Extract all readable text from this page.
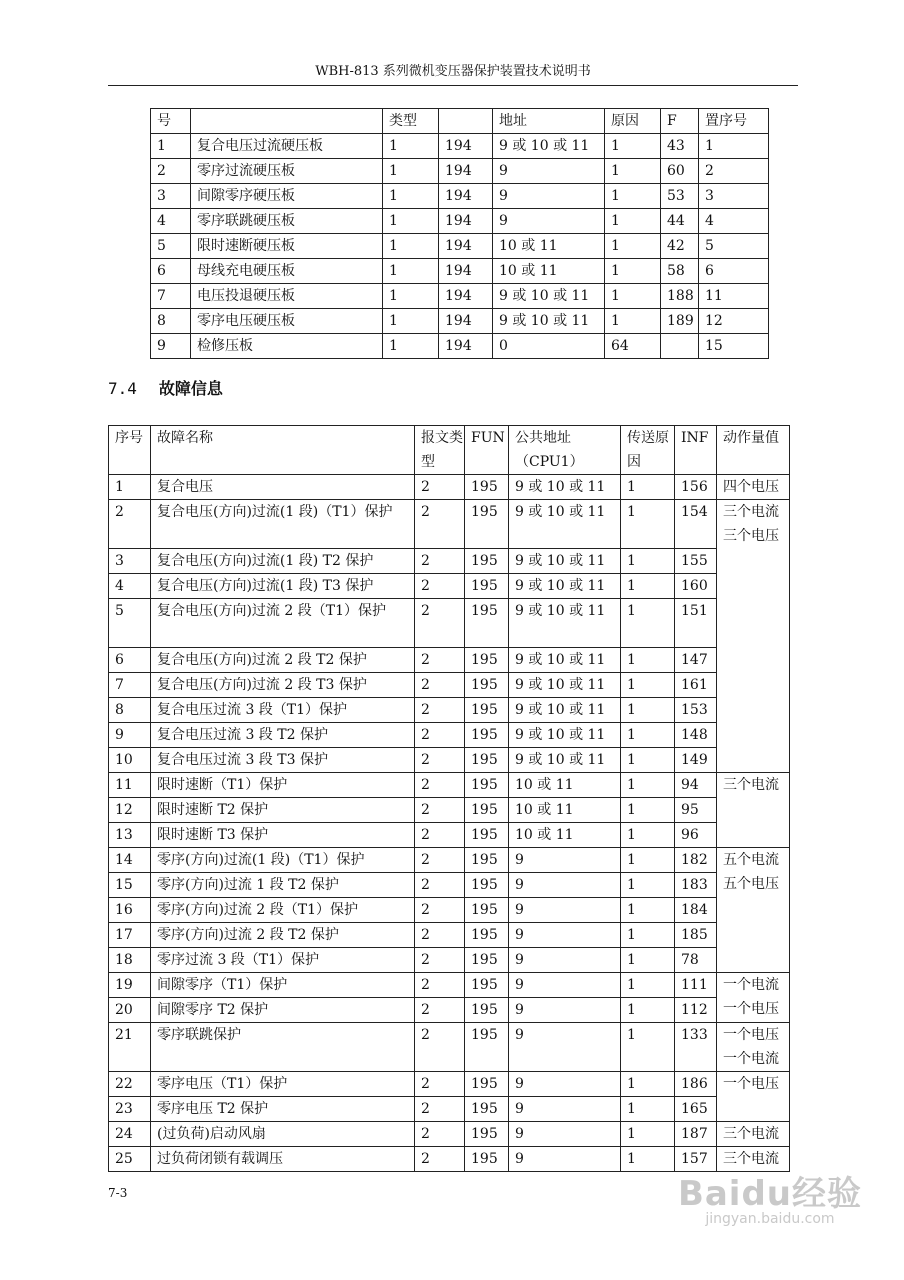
WBH-813 系列微机变压器保护装置技术说明书
号		类型		地址	原因	F	置序号
1	复合电压过流硬压板	1	194	9 或 10 或 11	1	43	1
2	零序过流硬压板	1	194	9	1	60	2
3	间隙零序硬压板	1	194	9	1	53	3
4	零序联跳硬压板	1	194	9	1	44	4
5	限时速断硬压板	1	194	10 或 11	1	42	5
6	母线充电硬压板	1	194	10 或 11	1	58	6
7	电压投退硬压板	1	194	9 或 10 或 11	1	188	11
8	零序电压硬压板	1	194	9 或 10 或 11	1	189	12
9	检修压板	1	194	0	64		15
7.4 故障信息
序号	故障名称	报文类型	FUN	公共地址（CPU1）	传送原因	INF	动作量值
1	复合电压	2	195	9 或 10 或 11	1	156	四个电压
2	复合电压(方向)过流(1 段)（T1）保护	2	195	9 或 10 或 11	1	154	三个电流
三个电压
3	复合电压(方向)过流(1 段) T2 保护	2	195	9 或 10 或 11	1	155	
4	复合电压(方向)过流(1 段) T3 保护	2	195	9 或 10 或 11	1	160	
5	复合电压(方向)过流 2 段（T1）保护	2	195	9 或 10 或 11	1	151	
6	复合电压(方向)过流 2 段 T2 保护	2	195	9 或 10 或 11	1	147	
7	复合电压(方向)过流 2 段 T3 保护	2	195	9 或 10 或 11	1	161	
8	复合电压过流 3 段（T1）保护	2	195	9 或 10 或 11	1	153	
9	复合电压过流 3 段 T2 保护	2	195	9 或 10 或 11	1	148	
10	复合电压过流 3 段 T3 保护	2	195	9 或 10 或 11	1	149	
11	限时速断（T1）保护	2	195	10 或 11	1	94	三个电流
12	限时速断 T2 保护	2	195	10 或 11	1	95	
13	限时速断 T3 保护	2	195	10 或 11	1	96	
14	零序(方向)过流(1 段)（T1）保护	2	195	9	1	182	五个电流
五个电压
15	零序(方向)过流 1 段 T2 保护	2	195	9	1	183	
16	零序(方向)过流 2 段（T1）保护	2	195	9	1	184	
17	零序(方向)过流 2 段 T2 保护	2	195	9	1	185	
18	零序过流 3 段（T1）保护	2	195	9	1	78	
19	间隙零序（T1）保护	2	195	9	1	111	一个电流
一个电压
20	间隙零序 T2 保护	2	195	9	1	112	
21	零序联跳保护	2	195	9	1	133	一个电压
一个电流
22	零序电压（T1）保护	2	195	9	1	186	一个电压
23	零序电压 T2 保护	2	195	9	1	165	
24	(过负荷)启动风扇	2	195	9	1	187	三个电流
25	过负荷闭锁有载调压	2	195	9	1	157	三个电流
7-3	Baidu经验
jingyan.baidu.com
